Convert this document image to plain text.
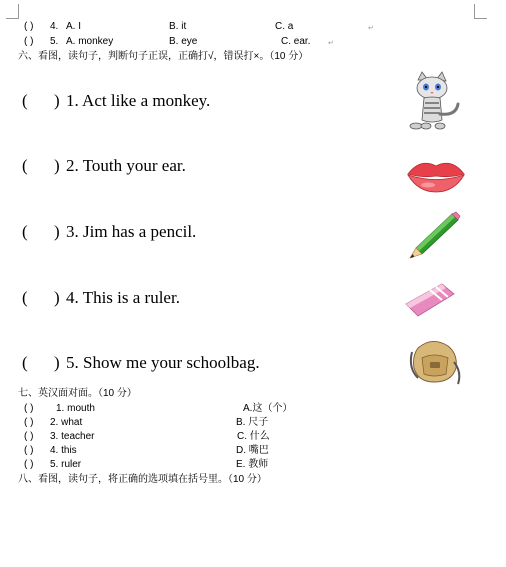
( ) 4. A. I	B. it	C. a	↵
( ) 5. A. monkey	B. eye	C. ear.	↵
六、看图，读句子，判断句子正误，正确打√，错误打×。（10 分）
( ) 1. Act like a monkey.
( ) 2. Touth your ear.
( ) 3. Jim has a pencil.
( ) 4. This is a ruler.
( ) 5. Show me your schoolbag.
七、英汉面对面。（10 分）
( ) 1. mouth	A.这（个）
( ) 2. what	B. 尺子
( ) 3. teacher	C. 什么
( ) 4. this	D. 嘴巴
( ) 5. ruler	E. 教师
八、看图，读句子，将正确的选项填在括号里。（10 分）
